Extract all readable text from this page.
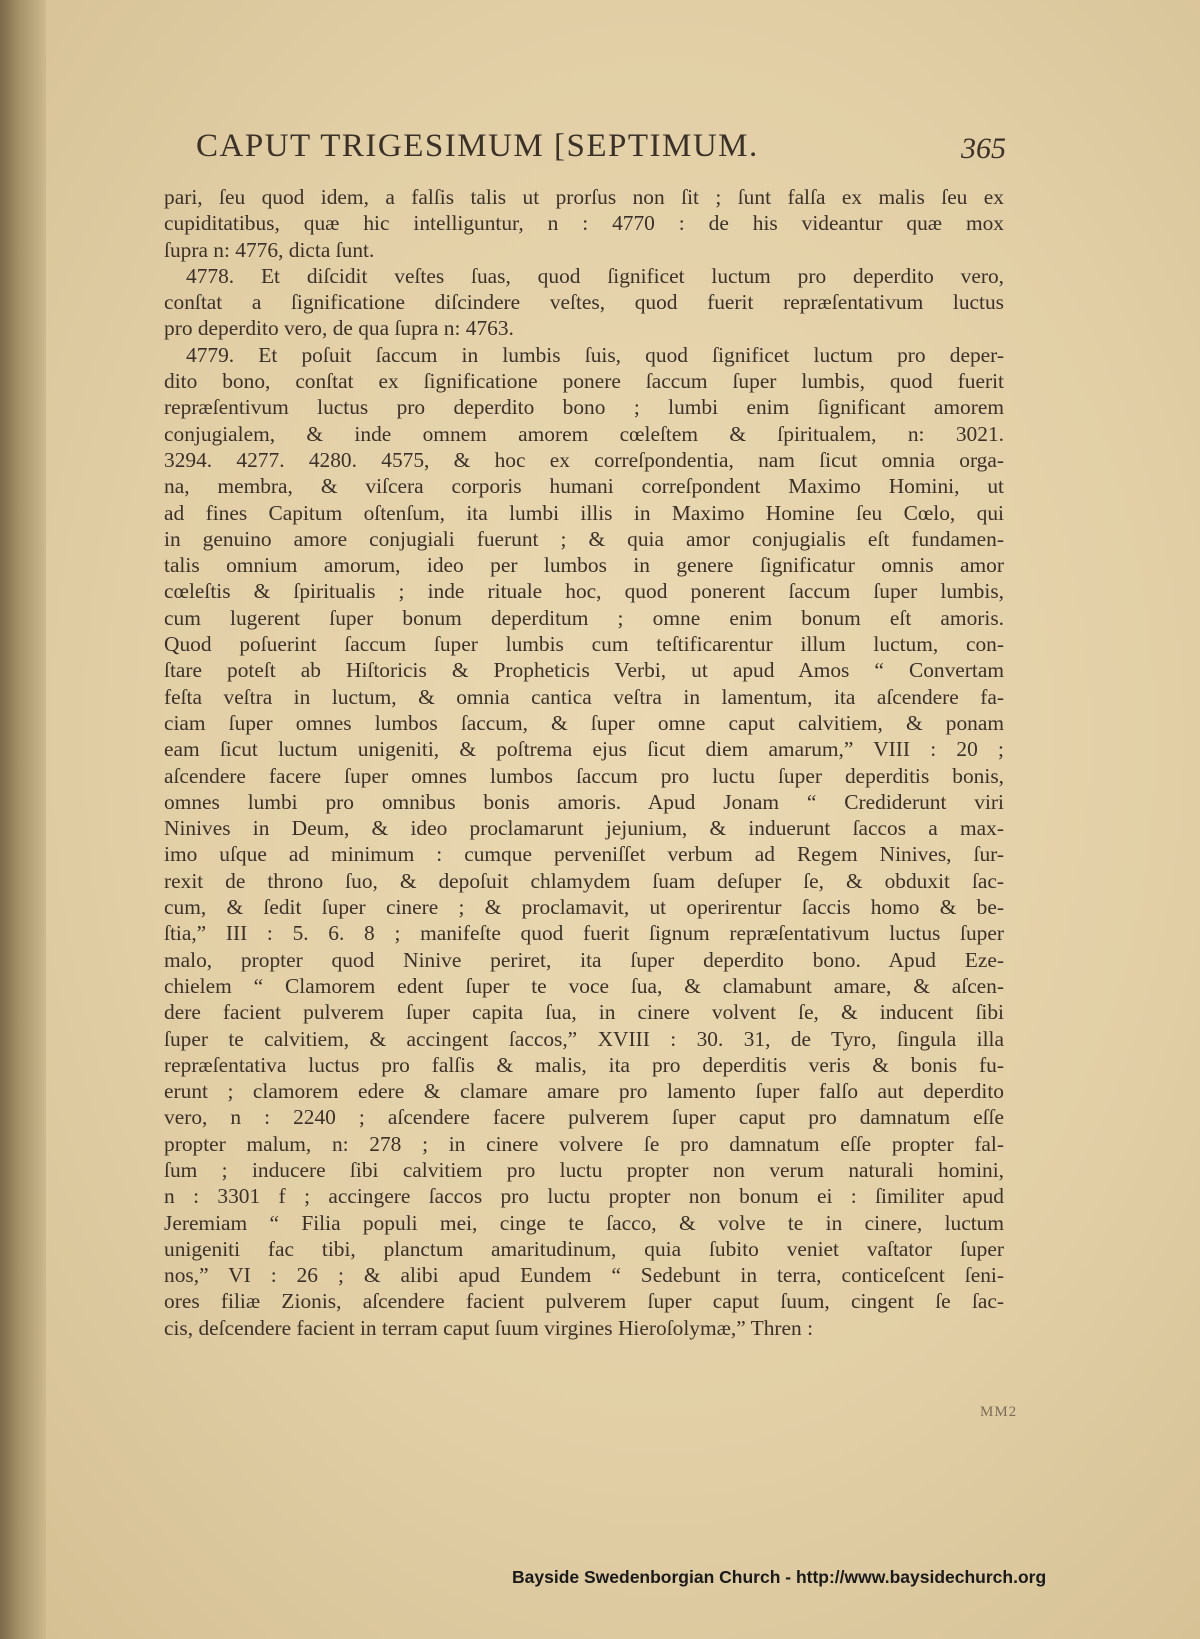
CAPUT TRIGESIMUM [SEPTIMUM.	365
pari, ſeu quod idem, a falſis talis ut prorſus non ſit ; ſunt falſa ex malis ſeu ex
cupiditatibus, quæ hic intelliguntur, n : 4770 : de his videantur quæ mox
ſupra n: 4776, dicta ſunt.
4778. Et diſcidit veſtes ſuas, quod ſignificet luctum pro deperdito vero,
conſtat a ſignificatione diſcindere veſtes, quod fuerit repræſentativum luctus
pro deperdito vero, de qua ſupra n: 4763.
4779. Et poſuit ſaccum in lumbis ſuis, quod ſignificet luctum pro deper-
dito bono, conſtat ex ſignificatione ponere ſaccum ſuper lumbis, quod fuerit
repræſentivum luctus pro deperdito bono ; lumbi enim ſignificant amorem
conjugialem, & inde omnem amorem cœleſtem & ſpiritualem, n: 3021.
3294. 4277. 4280. 4575, & hoc ex correſpondentia, nam ſicut omnia orga-
na, membra, & viſcera corporis humani correſpondent Maximo Homini, ut
ad fines Capitum oſtenſum, ita lumbi illis in Maximo Homine ſeu Cœlo, qui
in genuino amore conjugiali fuerunt ; & quia amor conjugialis eſt fundamen-
talis omnium amorum, ideo per lumbos in genere ſignificatur omnis amor
cœleſtis & ſpiritualis ; inde rituale hoc, quod ponerent ſaccum ſuper lumbis,
cum lugerent ſuper bonum deperditum ; omne enim bonum eſt amoris.
Quod poſuerint ſaccum ſuper lumbis cum teſtificarentur illum luctum, con-
ſtare poteſt ab Hiſtoricis & Propheticis Verbi, ut apud Amos “ Convertam
feſta veſtra in luctum, & omnia cantica veſtra in lamentum, ita aſcendere fa-
ciam ſuper omnes lumbos ſaccum, & ſuper omne caput calvitiem, & ponam
eam ſicut luctum unigeniti, & poſtrema ejus ſicut diem amarum,” VIII : 20 ;
aſcendere facere ſuper omnes lumbos ſaccum pro luctu ſuper deperditis bonis,
omnes lumbi pro omnibus bonis amoris. Apud Jonam “ Crediderunt viri
Ninives in Deum, & ideo proclamarunt jejunium, & induerunt ſaccos a max-
imo uſque ad minimum : cumque perveniſſet verbum ad Regem Ninives, ſur-
rexit de throno ſuo, & depoſuit chlamydem ſuam deſuper ſe, & obduxit ſac-
cum, & ſedit ſuper cinere ; & proclamavit, ut operirentur ſaccis homo & be-
ſtia,” III : 5. 6. 8 ; manifeſte quod fuerit ſignum repræſentativum luctus ſuper
malo, propter quod Ninive periret, ita ſuper deperdito bono. Apud Eze-
chielem “ Clamorem edent ſuper te voce ſua, & clamabunt amare, & aſcen-
dere facient pulverem ſuper capita ſua, in cinere volvent ſe, & inducent ſibi
ſuper te calvitiem, & accingent ſaccos,” XVIII : 30. 31, de Tyro, ſingula illa
repræſentativa luctus pro falſis & malis, ita pro deperditis veris & bonis fu-
erunt ; clamorem edere & clamare amare pro lamento ſuper falſo aut deperdito
vero, n : 2240 ; aſcendere facere pulverem ſuper caput pro damnatum eſſe
propter malum, n: 278 ; in cinere volvere ſe pro damnatum eſſe propter fal-
ſum ; inducere ſibi calvitiem pro luctu propter non verum naturali homini,
n : 3301 f ; accingere ſaccos pro luctu propter non bonum ei : ſimiliter apud
Jeremiam “ Filia populi mei, cinge te ſacco, & volve te in cinere, luctum
unigeniti fac tibi, planctum amaritudinum, quia ſubito veniet vaſtator ſuper
nos,” VI : 26 ; & alibi apud Eundem “ Sedebunt in terra, conticeſcent ſeni-
ores filiæ Zionis, aſcendere facient pulverem ſuper caput ſuum, cingent ſe ſac-
cis, deſcendere facient in terram caput ſuum virgines Hieroſolymæ,” Thren :
MM2
Bayside Swedenborgian Church - http://www.baysidechurch.org
